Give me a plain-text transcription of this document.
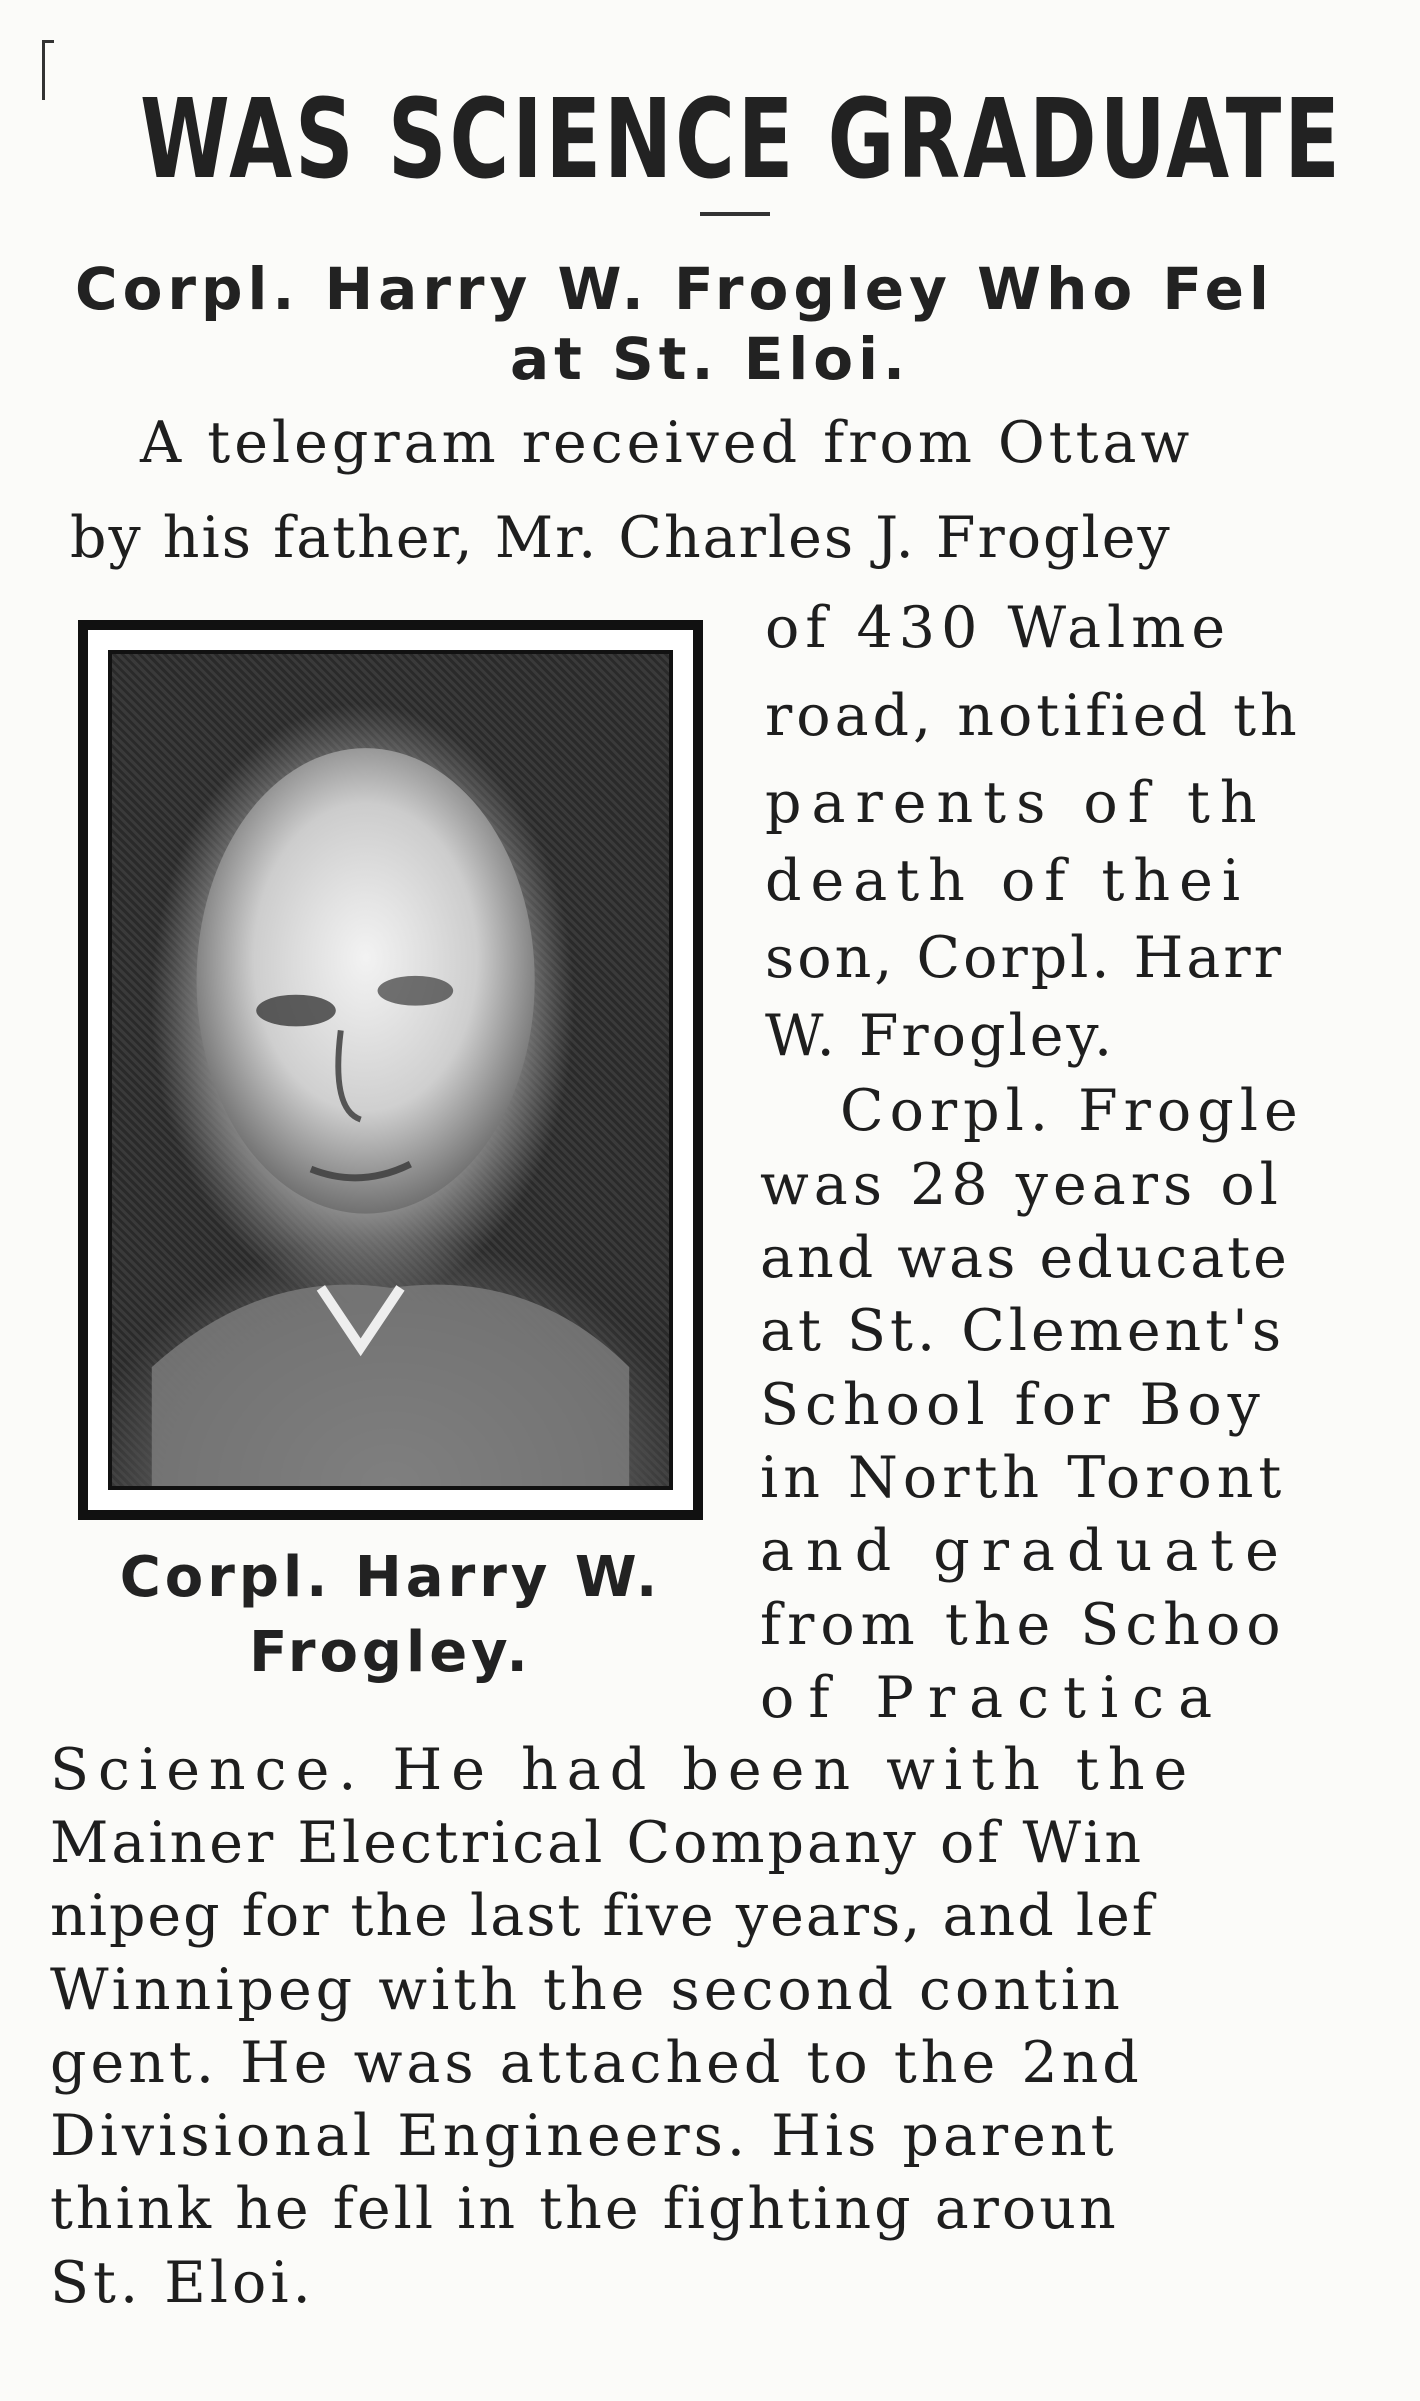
WAS SCIENCE GRADUATE
Corpl. Harry W. Frogley Who Fel
at St. Eloi.
A telegram received from Ottaw
by his father, Mr. Charles J. Frogley
Corpl. Harry W.
Frogley.
of 430 Walme
road, notified th
parents of th
death of thei
son, Corpl. Harr
W. Frogley.
Corpl. Frogle
was 28 years ol
and was educate
at St. Clement's
School for Boy
in North Toront
and graduate
from the Schoo
of Practica
Science. He had been with the
Mainer Electrical Company of Win
nipeg for the last five years, and lef
Winnipeg with the second contin
gent. He was attached to the 2nd
Divisional Engineers. His parent
think he fell in the fighting aroun
St. Eloi.
